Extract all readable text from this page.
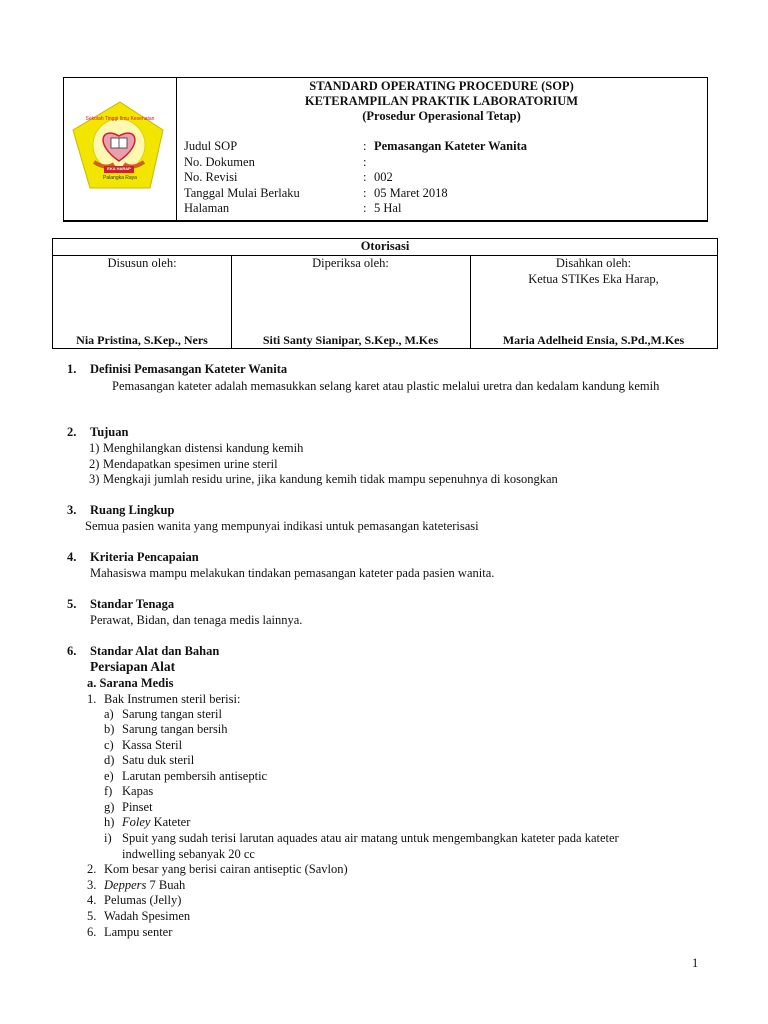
Sekolah Tinggi Ilmu Kesehatan
EKA HARAP
Palangka Raya
STANDARD OPERATING PROCEDURE (SOP)
KETERAMPILAN PRAKTIK LABORATORIUM
(Prosedur Operasional Tetap)
Judul SOP	: Pemasangan Kateter Wanita
No. Dokumen	:
No. Revisi	: 002
Tanggal Mulai Berlaku	: 05 Maret 2018
Halaman	: 5 Hal
Otorisasi
Disusun oleh:
Nia Pristina, S.Kep., Ners
Diperiksa oleh:
Siti Santy Sianipar, S.Kep., M.Kes
Disahkan oleh:
Ketua STIKes Eka Harap,
Maria Adelheid Ensia, S.Pd.,M.Kes
1. Definisi Pemasangan Kateter Wanita

Pemasangan kateter adalah memasukkan selang karet atau plastic melalui uretra dan kedalam kandung kemih

2. Tujuan
1) Menghilangkan distensi kandung kemih
2) Mendapatkan spesimen urine steril
3) Mengkaji jumlah residu urine, jika kandung kemih tidak mampu sepenuhnya di kosongkan
3. Ruang Lingkup
Semua pasien wanita yang mempunyai indikasi untuk pemasangan kateterisasi
4. Kriteria Pencapaian
Mahasiswa mampu melakukan tindakan pemasangan kateter pada pasien wanita.
5. Standar Tenaga
Perawat, Bidan, dan tenaga medis lainnya.
6. Standar Alat dan Bahan
Persiapan Alat
a. Sarana Medis
1. Bak Instrumen steril berisi:
a) Sarung tangan steril
b) Sarung tangan bersih
c) Kassa Steril
d) Satu duk steril
e) Larutan pembersih antiseptic
f) Kapas
g) Pinset
h) Foley Kateter
i) Spuit yang sudah terisi larutan aquades atau air matang untuk mengembangkan kateter pada kateter
indwelling sebanyak 20 cc
2. Kom besar yang berisi cairan antiseptic (Savlon)
3. Deppers 7 Buah
4. Pelumas (Jelly)
5. Wadah Spesimen
6. Lampu senter
1
